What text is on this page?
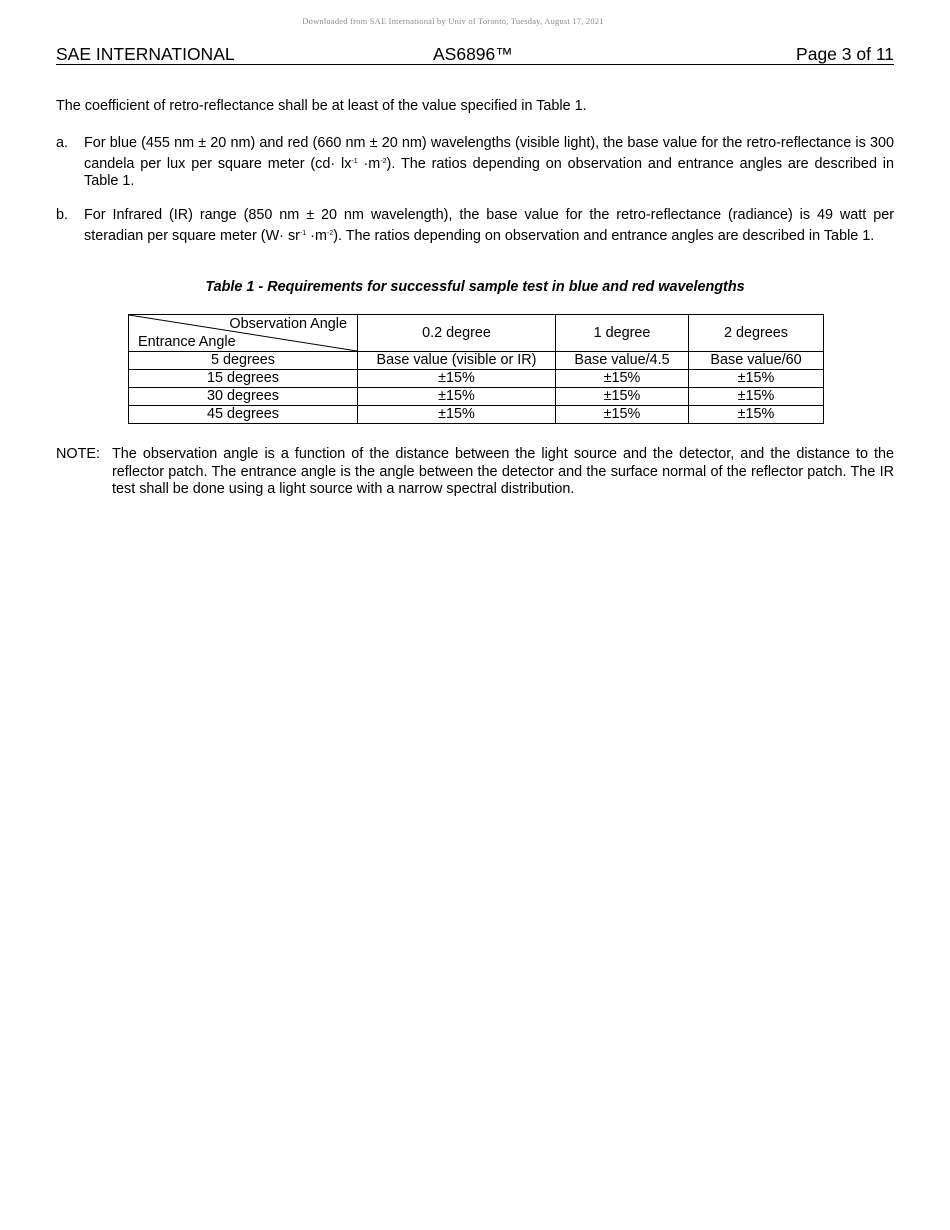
Downloaded from SAE International by Univ of Toronto, Tuesday, August 17, 2021
SAE INTERNATIONAL	AS6896™	Page 3 of 11
The coefficient of retro-reflectance shall be at least of the value specified in Table 1.
a. For blue (455 nm ± 20 nm) and red (660 nm ± 20 nm) wavelengths (visible light), the base value for the retro-reflectance is 300 candela per lux per square meter $(cd\cdot lx^{-1} \cdot m^{-2})$. The ratios depending on observation and entrance angles are described in Table 1.
b. For Infrared (IR) range (850 nm ± 20 nm wavelength), the base value for the retro-reflectance (radiance) is 49 watt per steradian per square meter $(W\cdot sr^{-1} \cdot m^{-2})$. The ratios depending on observation and entrance angles are described in Table 1.
Table 1 - Requirements for successful sample test in blue and red wavelengths
Observation Angle
Entrance Angle	0.2 degree	1 degree	2 degrees
5 degrees	Base value (visible or IR)	Base value/4.5	Base value/60
15 degrees	±15%	±15%	±15%
30 degrees	±15%	±15%	±15%
45 degrees	±15%	±15%	±15%
NOTE: The observation angle is a function of the distance between the light source and the detector, and the distance to the reflector patch. The entrance angle is the angle between the detector and the surface normal of the reflector patch. The IR test shall be done using a light source with a narrow spectral distribution.
